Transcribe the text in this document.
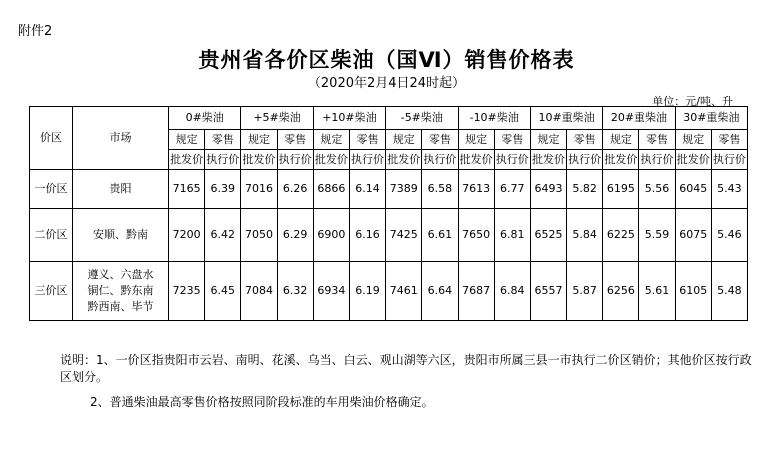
附件2
贵州省各价区柴油（国Ⅵ）销售价格表
（2020年2月4日24时起）
单位：元/吨、升
价区	市场	0#柴油		+5#柴油		+10#柴油		-5#柴油		-10#柴油		10#重柴油		20#重柴油		30#重柴油	
		规定	零售	规定	零售	规定	零售	规定	零售	规定	零售	规定	零售	规定	零售	规定	零售
		批发价	执行价	批发价	执行价	批发价	执行价	批发价	执行价	批发价	执行价	批发价	执行价	批发价	执行价	批发价	执行价
一价区	贵阳	7165	6.39	7016	6.26	6866	6.14	7389	6.58	7613	6.77	6493	5.82	6195	5.56	6045	5.43
二价区	安顺、黔南	7200	6.42	7050	6.29	6900	6.16	7425	6.61	7650	6.81	6525	5.84	6225	5.59	6075	5.46
三价区	遵义、六盘水
铜仁、黔东南
黔西南、毕节	7235	6.45	7084	6.32	6934	6.19	7461	6.64	7687	6.84	6557	5.87	6256	5.61	6105	5.48
说明：1、一价区指贵阳市云岩、南明、花溪、乌当、白云、观山湖等六区，贵阳市所属三县一市执行二价区销价；其他价区按行政区划分。
2、普通柴油最高零售价格按照同阶段标准的车用柴油价格确定。
